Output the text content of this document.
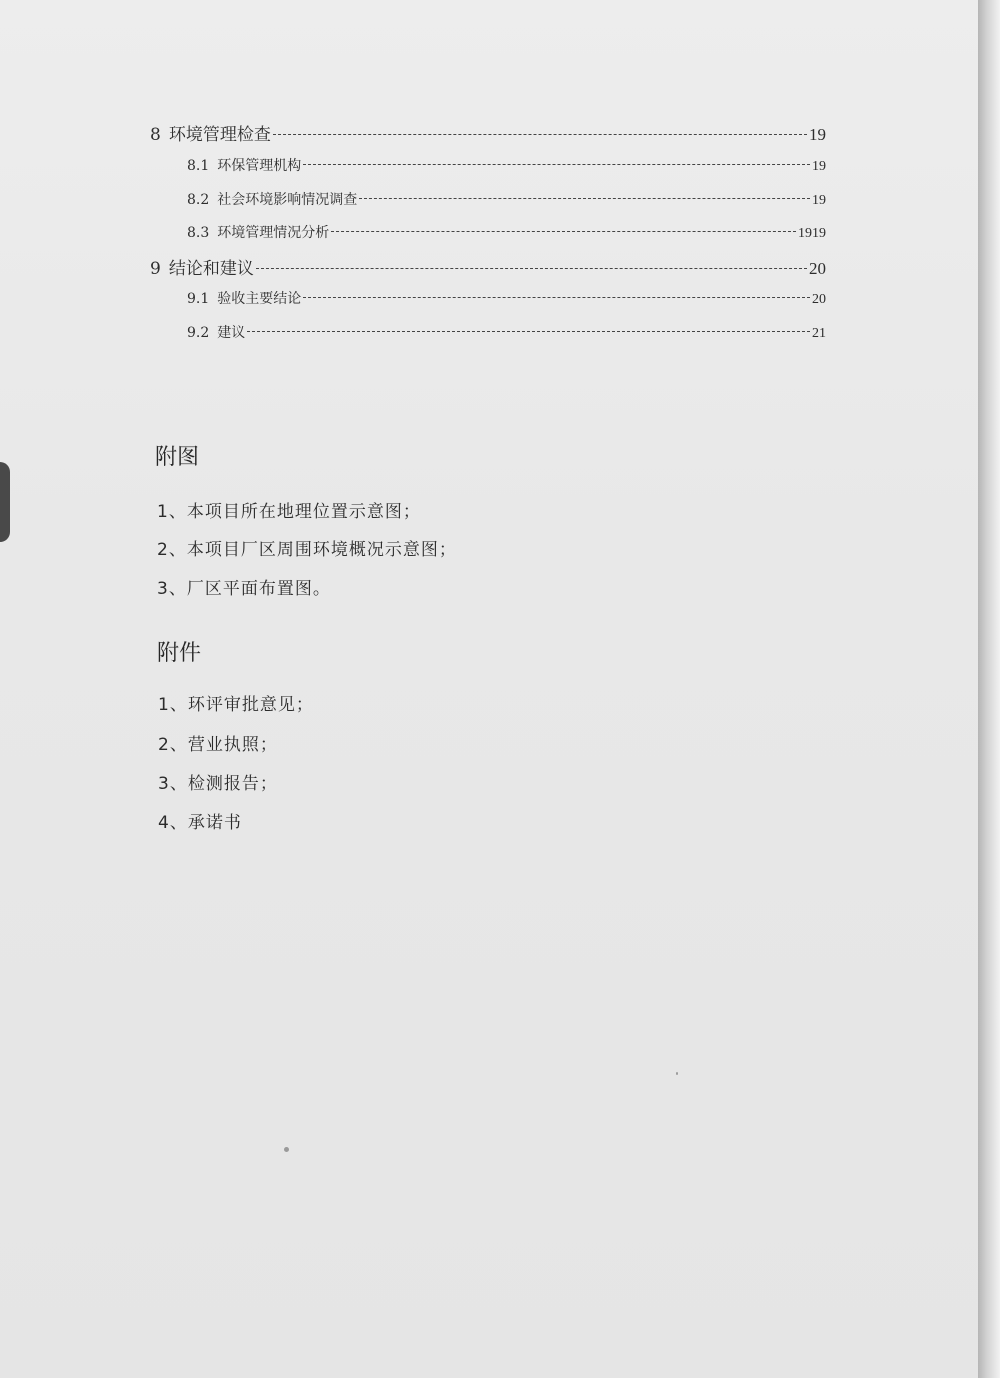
8 环境管理检查	19
8.1 环保管理机构	19
8.2 社会环境影响情况调查	19
8.3 环境管理情况分析	1919
9 结论和建议	20
9.1 验收主要结论	20
9.2 建议	21
附图
1、本项目所在地理位置示意图；
2、本项目厂区周围环境概况示意图；
3、厂区平面布置图。
附件
1、环评审批意见；
2、营业执照；
3、检测报告；
4、承诺书
